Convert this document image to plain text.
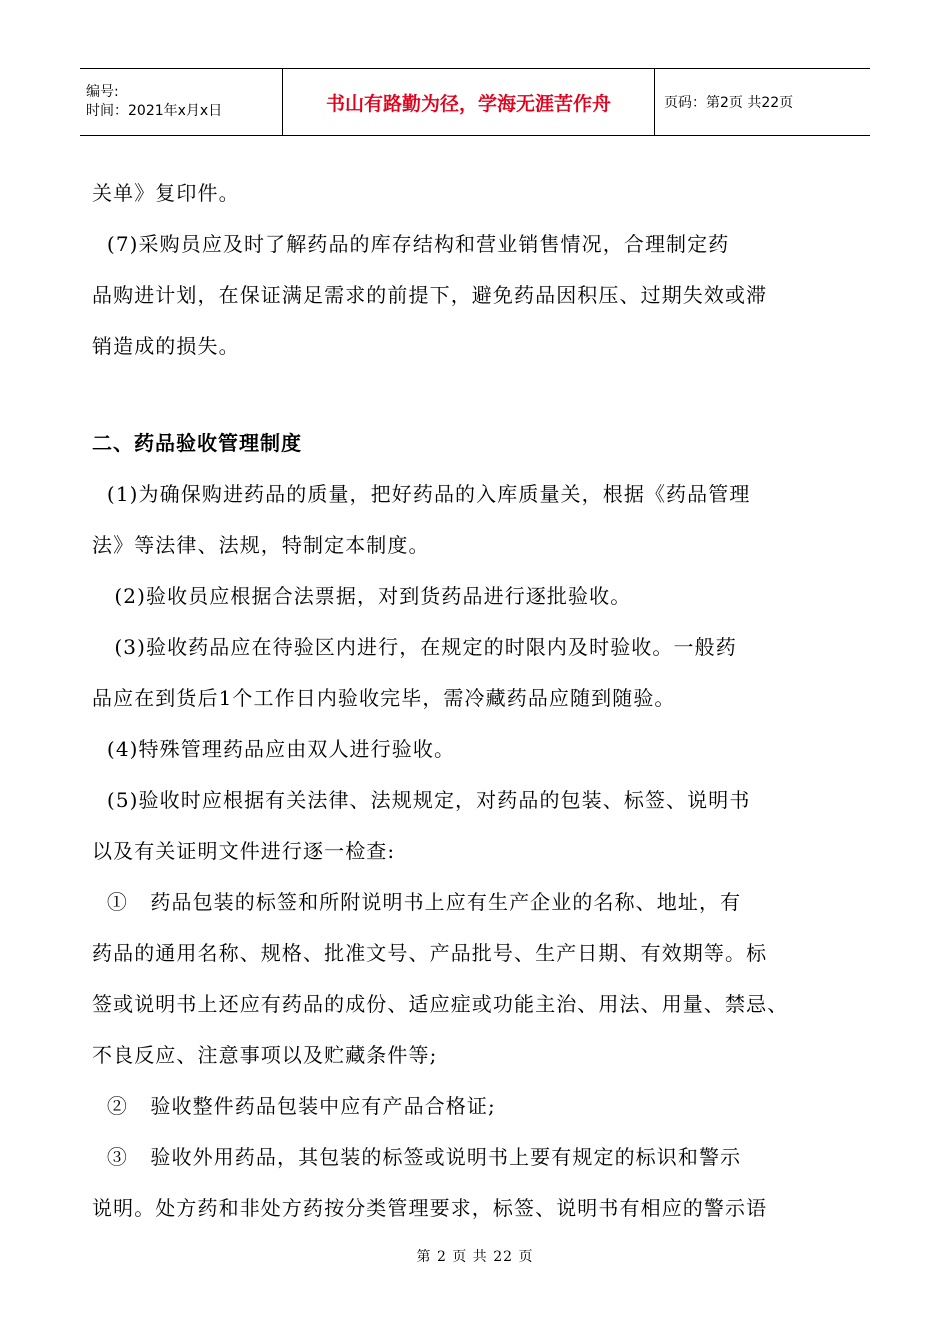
编号:
时间：2021年x月x日	书山有路勤为径，学海无涯苦作舟	页码：第2页 共22页

关单》复印件。

(7)采购员应及时了解药品的库存结构和营业销售情况，合理制定药

品购进计划，在保证满足需求的前提下，避免药品因积压、过期失效或滞

销造成的损失。

二、药品验收管理制度

(1)为确保购进药品的质量，把好药品的入库质量关，根据《药品管理

法》等法律、法规，特制定本制度。

(2)验收员应根据合法票据，对到货药品进行逐批验收。

(3)验收药品应在待验区内进行，在规定的时限内及时验收。一般药

品应在到货后1个工作日内验收完毕，需冷藏药品应随到随验。

(4)特殊管理药品应由双人进行验收。

(5)验收时应根据有关法律、法规规定，对药品的包装、标签、说明书

以及有关证明文件进行逐一检查:

①   药品包装的标签和所附说明书上应有生产企业的名称、地址，有

药品的通用名称、规格、批准文号、产品批号、生产日期、有效期等。标

签或说明书上还应有药品的成份、适应症或功能主治、用法、用量、禁忌、

不良反应、注意事项以及贮藏条件等;

②   验收整件药品包装中应有产品合格证;

③   验收外用药品，其包装的标签或说明书上要有规定的标识和警示

说明。处方药和非处方药按分类管理要求，标签、说明书有相应的警示语

第 2 页 共 22 页
